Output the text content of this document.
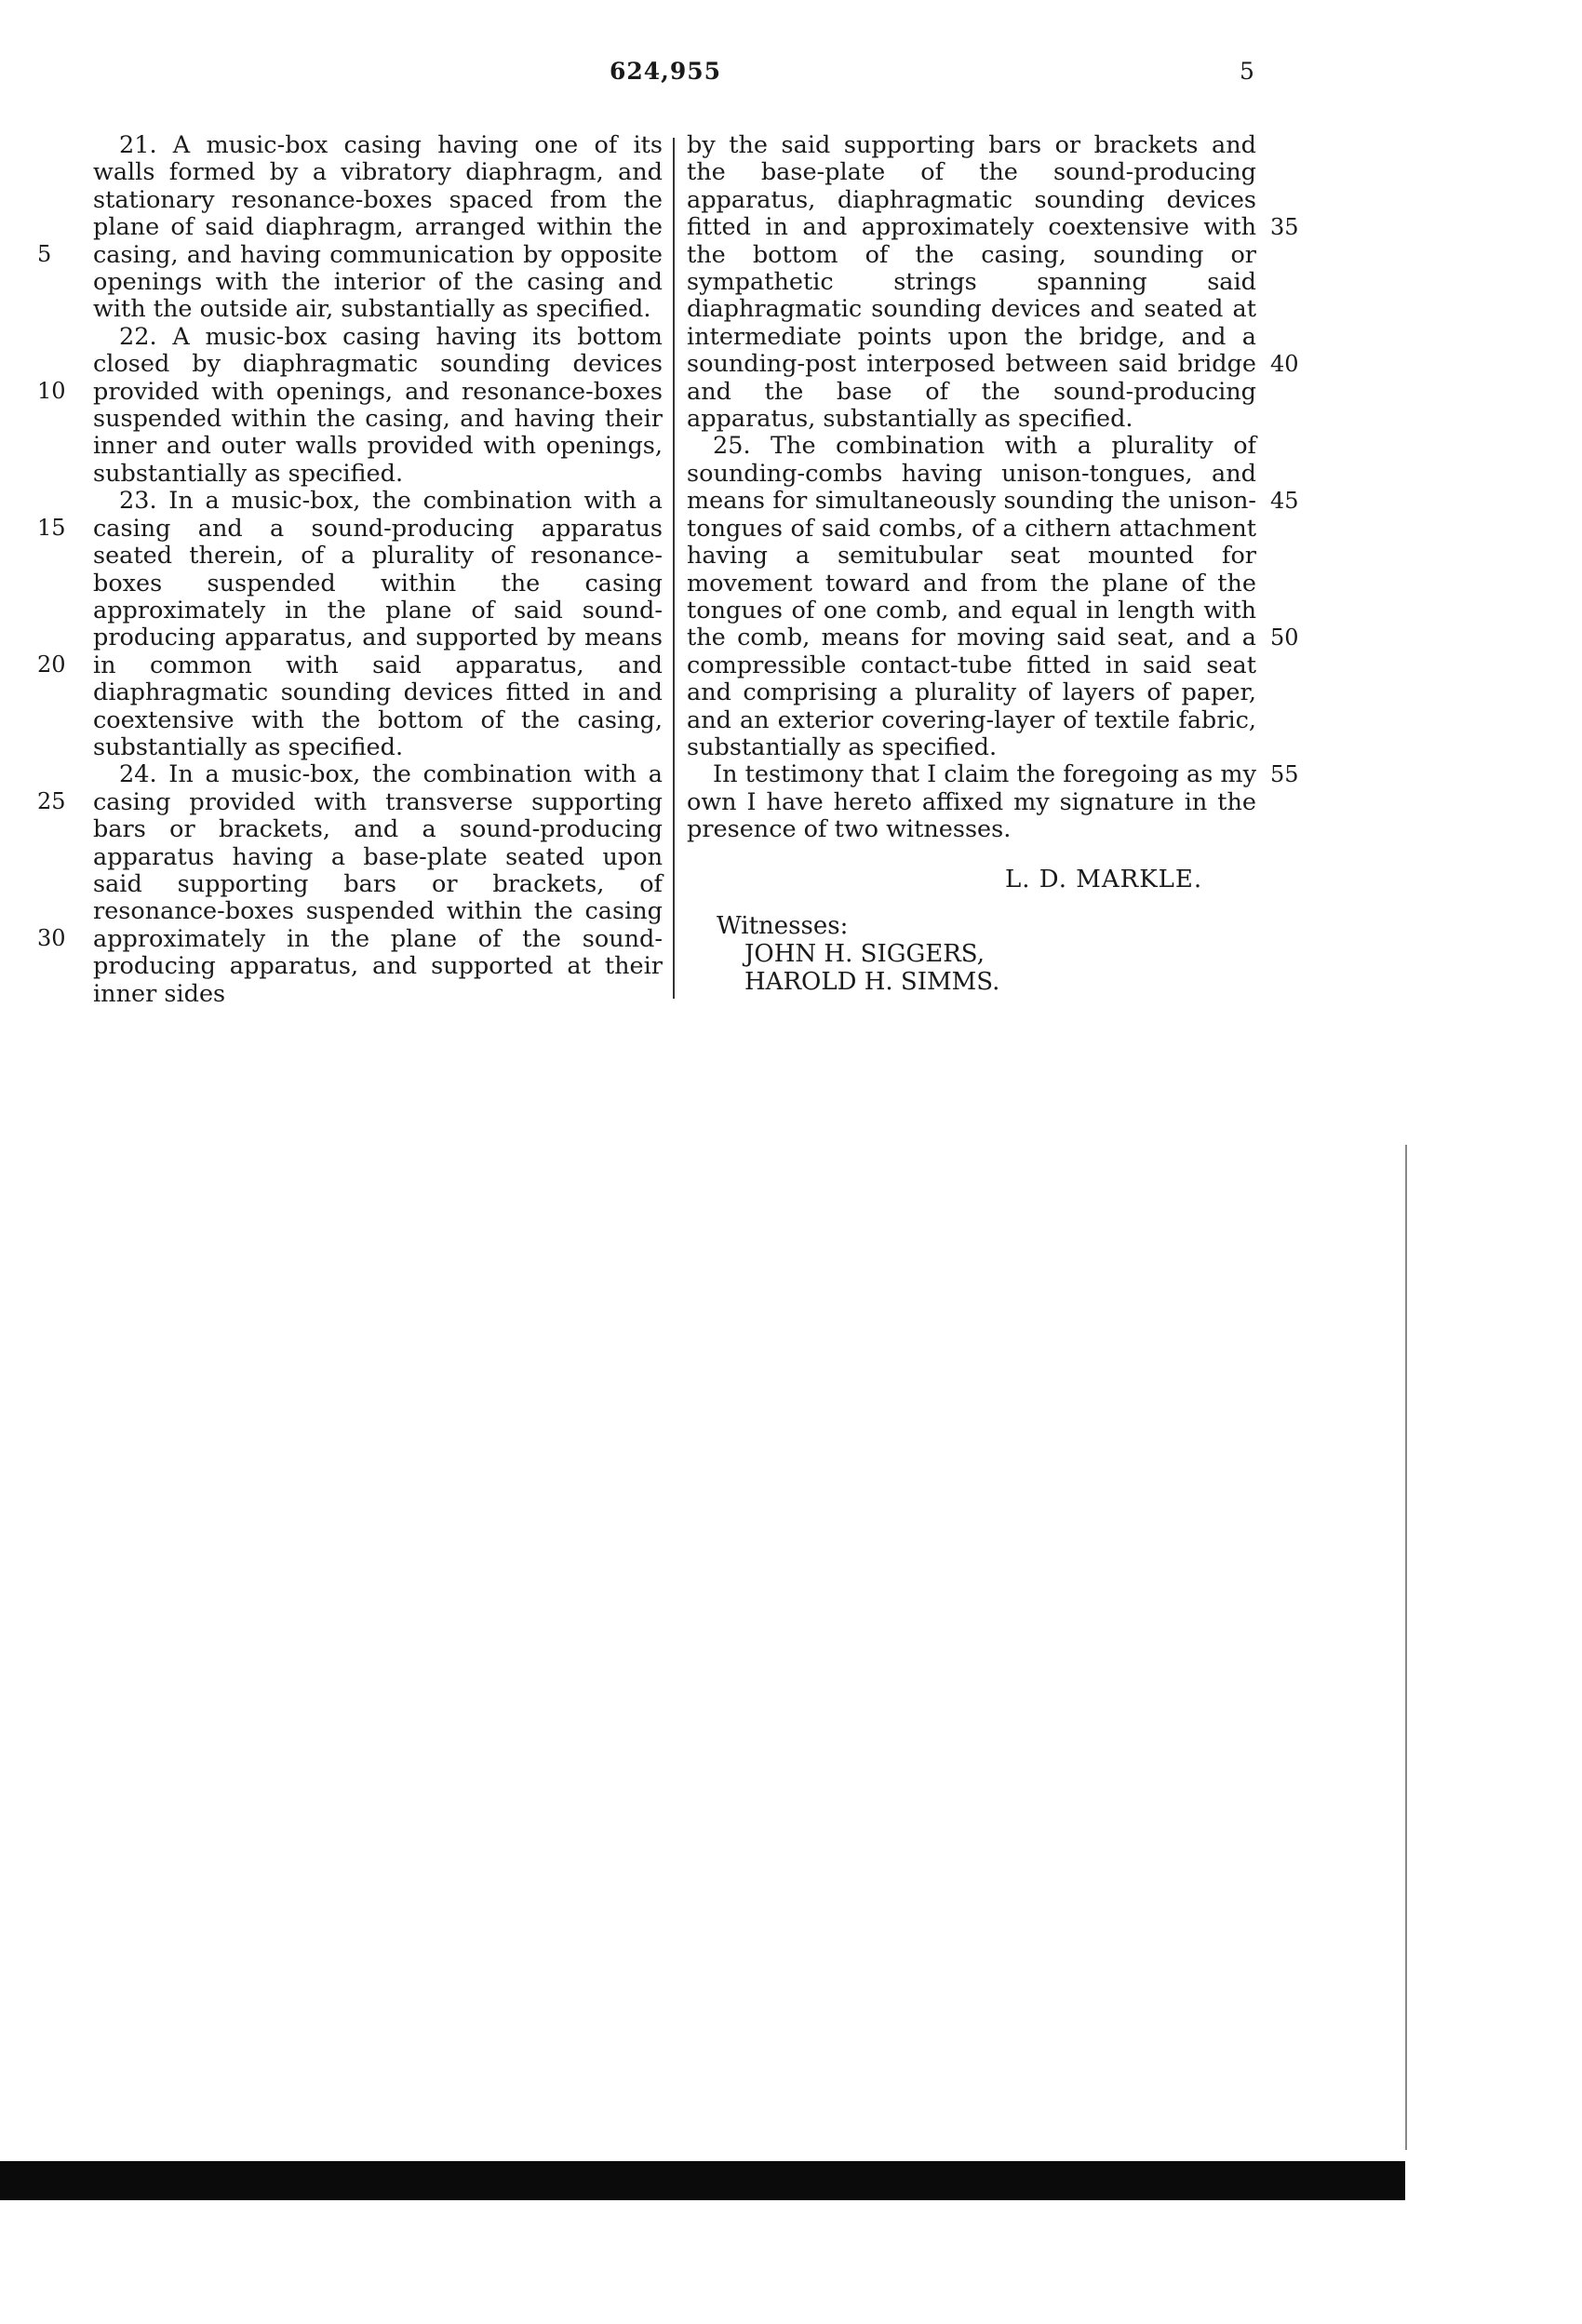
624,955	5
5
10
15
20
25
30

21. A music-box casing having one of its walls formed by a vibratory diaphragm, and stationary resonance-boxes spaced from the plane of said diaphragm, arranged within the casing, and having communication by opposite openings with the interior of the casing and with the outside air, substantially as specified.

22. A music-box casing having its bottom closed by diaphragmatic sounding devices provided with openings, and resonance-boxes suspended within the casing, and having their inner and outer walls provided with openings, substantially as specified.

23. In a music-box, the combination with a casing and a sound-producing apparatus seated therein, of a plurality of resonance-boxes suspended within the casing approximately in the plane of said sound-producing apparatus, and supported by means in common with said apparatus, and diaphragmatic sounding devices fitted in and coextensive with the bottom of the casing, substantially as specified.

24. In a music-box, the combination with a casing provided with transverse supporting bars or brackets, and a sound-producing apparatus having a base-plate seated upon said supporting bars or brackets, of resonance-boxes suspended within the casing approximately in the plane of the sound-producing apparatus, and supported at their inner sides

by the said supporting bars or brackets and the base-plate of the sound-producing apparatus, diaphragmatic sounding devices fitted in and approximately coextensive with the bottom of the casing, sounding or sympathetic strings spanning said diaphragmatic sounding devices and seated at intermediate points upon the bridge, and a sounding-post interposed between said bridge and the base of the sound-producing apparatus, substantially as specified.

25. The combination with a plurality of sounding-combs having unison-tongues, and means for simultaneously sounding the unison-tongues of said combs, of a cithern attachment having a semitubular seat mounted for movement toward and from the plane of the tongues of one comb, and equal in length with the comb, means for moving said seat, and a compressible contact-tube fitted in said seat and comprising a plurality of layers of paper, and an exterior covering-layer of textile fabric, substantially as specified.

In testimony that I claim the foregoing as my own I have hereto affixed my signature in the presence of two witnesses.

35
40
45
50
55
L. D. MARKLE.
Witnesses:
JOHN H. SIGGERS,
HAROLD H. SIMMS.
